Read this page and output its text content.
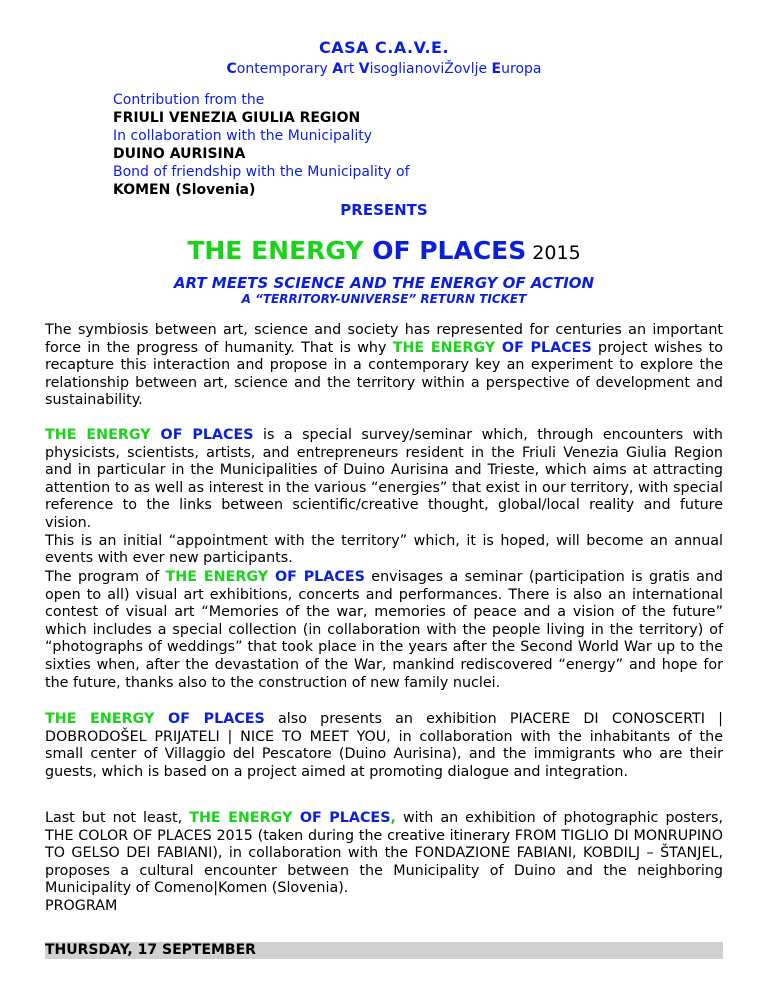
CASA C.A.V.E.
Contemporary Art VisoglianoviŽovlje Europa
Contribution from the
FRIULI VENEZIA GIULIA REGION
In collaboration with the Municipality
DUINO AURISINA
Bond of friendship with the Municipality of
KOMEN (Slovenia)
PRESENTS
THE ENERGY OF PLACES 2015
ART MEETS SCIENCE AND THE ENERGY OF ACTION
A “TERRITORY-UNIVERSE” RETURN TICKET
The symbiosis between art, science and society has represented for centuries an important force in the progress of humanity. That is why THE ENERGY OF PLACES project wishes to recapture this interaction and propose in a contemporary key an experiment to explore the relationship between art, science and the territory within a perspective of development and sustainability.
THE ENERGY OF PLACES is a special survey/seminar which, through encounters with physicists, scientists, artists, and entrepreneurs resident in the Friuli Venezia Giulia Region and in particular in the Municipalities of Duino Aurisina and Trieste, which aims at attracting attention to as well as interest in the various “energies” that exist in our territory, with special reference to the links between scientific/creative thought, global/local reality and future vision.
This is an initial “appointment with the territory” which, it is hoped, will become an annual events with ever new participants.
The program of THE ENERGY OF PLACES envisages a seminar (participation is gratis and open to all) visual art exhibitions, concerts and performances. There is also an international contest of visual art “Memories of the war, memories of peace and a vision of the future” which includes a special collection (in collaboration with the people living in the territory) of “photographs of weddings” that took place in the years after the Second World War up to the sixties when, after the devastation of the War, mankind rediscovered “energy” and hope for the future, thanks also to the construction of new family nuclei.
THE ENERGY OF PLACES also presents an exhibition PIACERE DI CONOSCERTI | DOBRODOŠEL PRIJATELI | NICE TO MEET YOU, in collaboration with the inhabitants of the small center of Villaggio del Pescatore (Duino Aurisina), and the immigrants who are their guests, which is based on a project aimed at promoting dialogue and integration.
Last but not least, THE ENERGY OF PLACES, with an exhibition of photographic posters, THE COLOR OF PLACES 2015 (taken during the creative itinerary FROM TIGLIO DI MONRUPINO TO GELSO DEI FABIANI), in collaboration with the FONDAZIONE FABIANI, KOBDILJ – ŠTANJEL, proposes a cultural encounter between the Municipality of Duino and the neighboring Municipality of Comeno|Komen (Slovenia).
PROGRAM
THURSDAY, 17 SEPTEMBER
